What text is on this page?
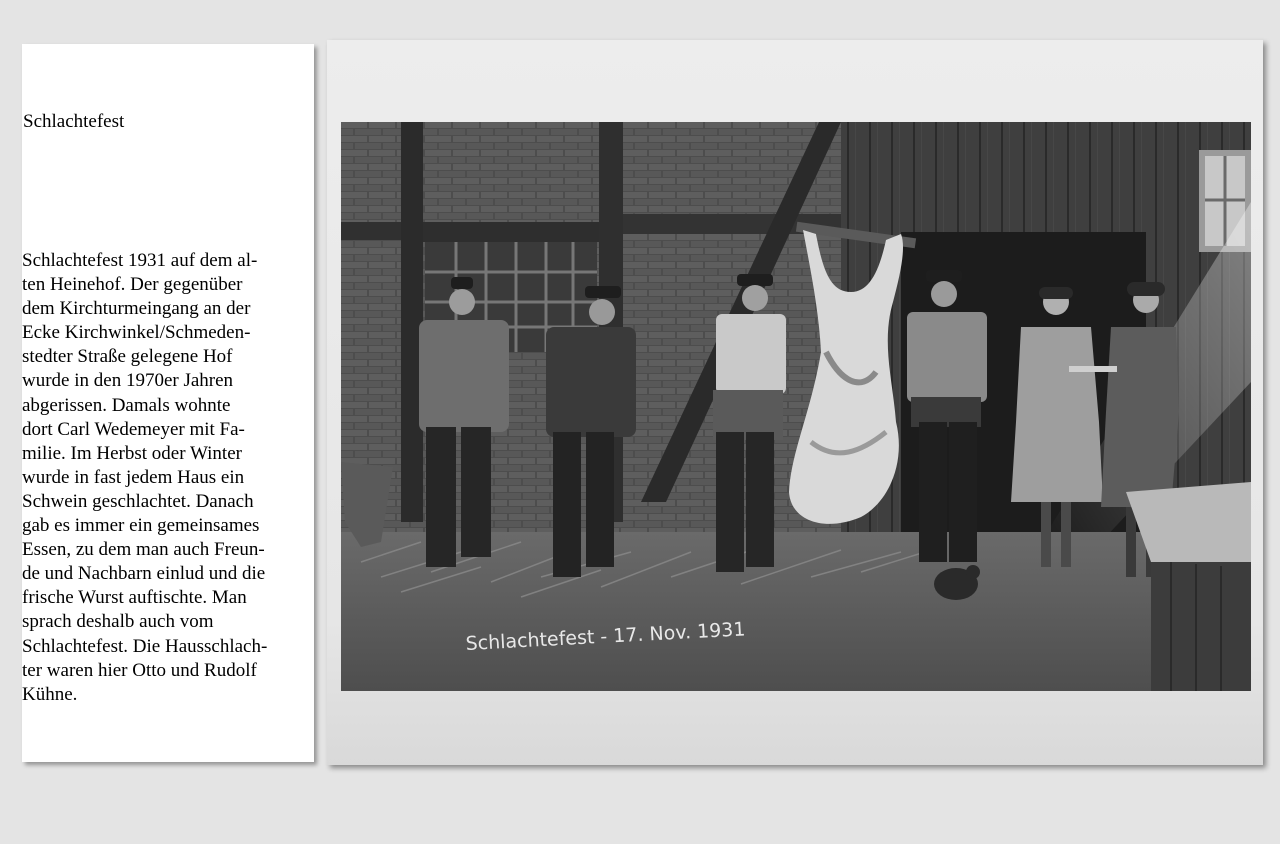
Schlachtefest

Schlachtefest 1931 auf dem al-
ten Heinehof. Der gegenüber
dem Kirchturmeingang an der
Ecke Kirchwinkel/Schmeden-
stedter Straße gelegene Hof
wurde in den 1970er Jahren
abgerissen. Damals wohnte
dort Carl Wedemeyer mit Fa-
milie. Im Herbst oder Winter
wurde in fast jedem Haus ein
Schwein geschlachtet. Danach
gab es immer ein gemeinsames
Essen, zu dem man auch Freun-
de und Nachbarn einlud und die
frische Wurst auftischte. Man
sprach deshalb auch vom
Schlachtefest. Die Hausschlach-
ter waren hier Otto und Rudolf
Kühne.

Schlachtefest - 17. Nov. 1931
